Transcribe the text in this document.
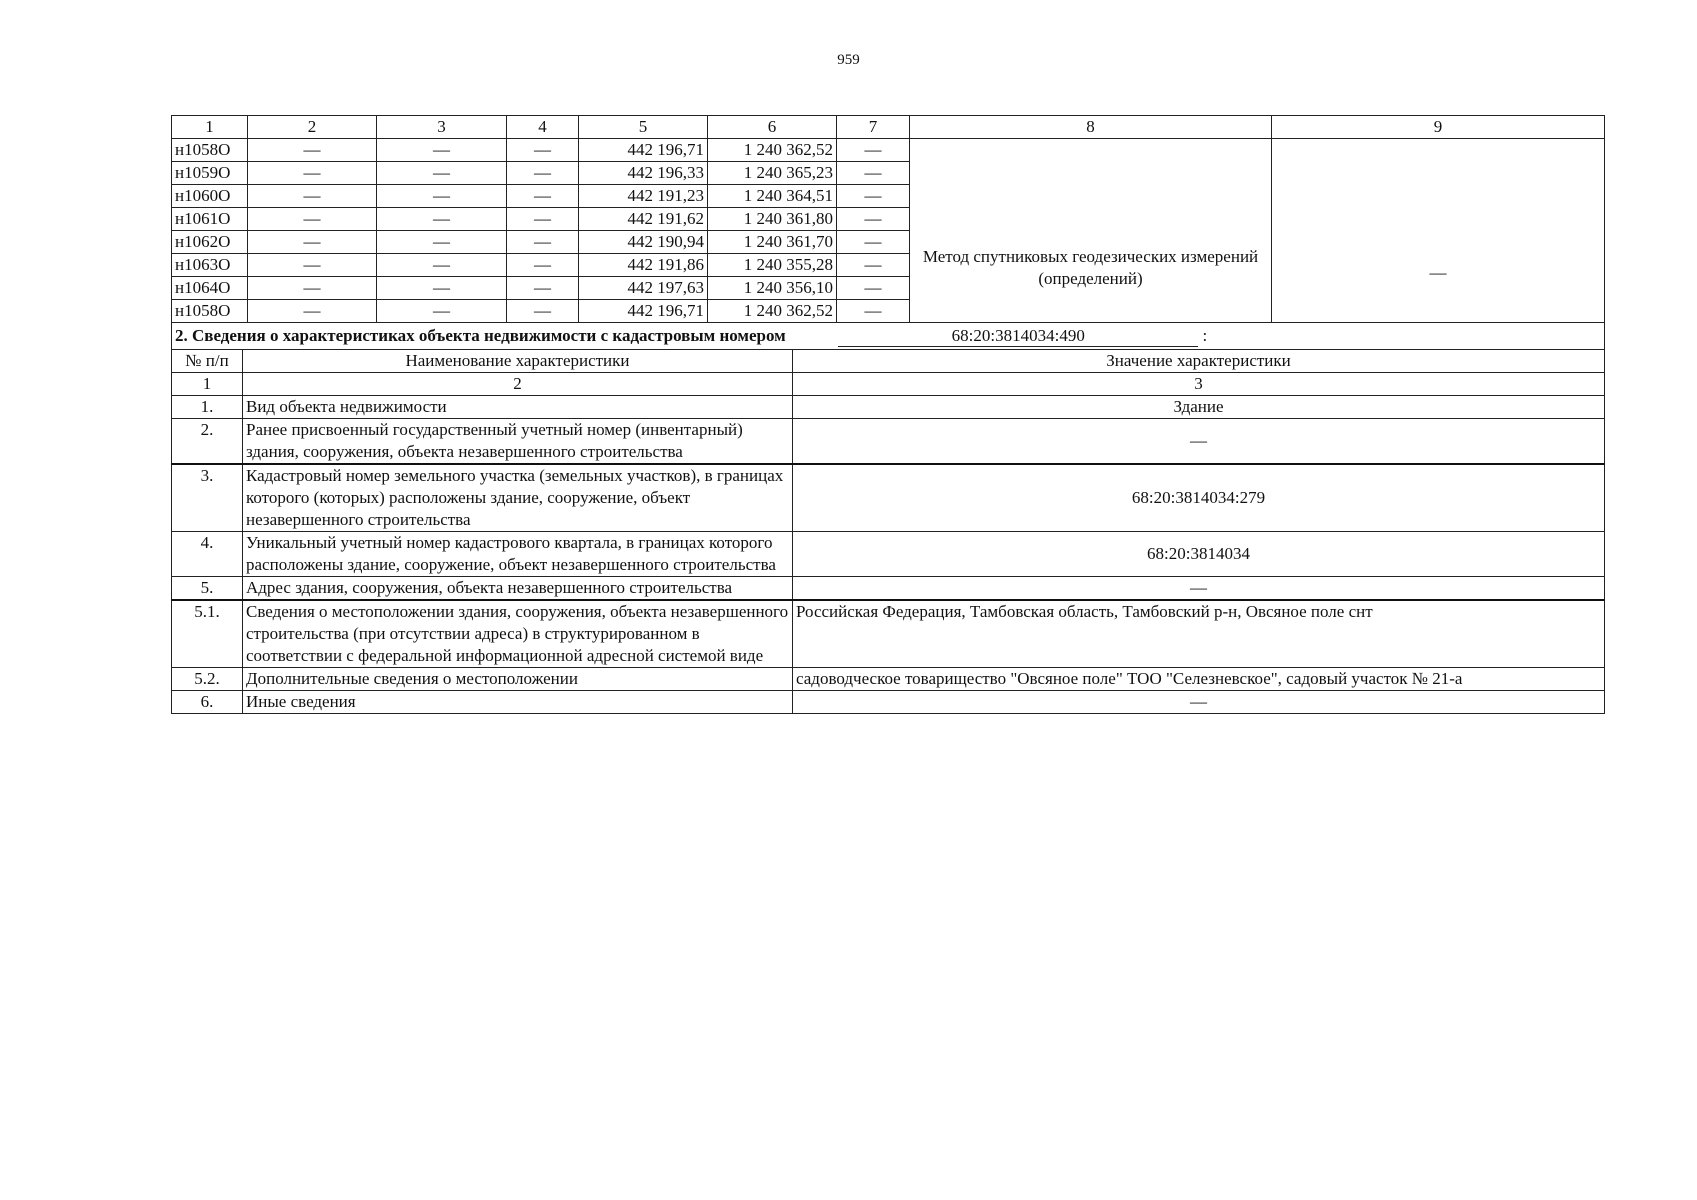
959
1	2	3	4	5	6	7	8	9
н1058О	—	—	—	442 196,71	1 240 362,52	—	Метод спутниковых геодезических измерений (определений)	—
н1059О	—	—	—	442 196,33	1 240 365,23	—		
н1060О	—	—	—	442 191,23	1 240 364,51	—		
н1061О	—	—	—	442 191,62	1 240 361,80	—		
н1062О	—	—	—	442 190,94	1 240 361,70	—		
н1063О	—	—	—	442 191,86	1 240 355,28	—		
н1064О	—	—	—	442 197,63	1 240 356,10	—		
н1058О	—	—	—	442 196,71	1 240 362,52	—		
2. Сведения о характеристиках объекта недвижимости с кадастровым номером 68:20:3814034:490 :		
№ п/п	Наименование характеристики	Значение характеристики
1	2	3
1.	Вид объекта недвижимости	Здание
2.	Ранее присвоенный государственный учетный номер (инвентарный) здания, сооружения, объекта незавершенного строительства	—
3.	Кадастровый номер земельного участка (земельных участков), в границах которого (которых) расположены здание, сооружение, объект незавершенного строительства	68:20:3814034:279
4.	Уникальный учетный номер кадастрового квартала, в границах которого расположены здание, сооружение, объект незавершенного строительства	68:20:3814034
5.	Адрес здания, сооружения, объекта незавершенного строительства	—
5.1.	Сведения о местоположении здания, сооружения, объекта незавершенного строительства (при отсутствии адреса) в структурированном в соответствии с федеральной информационной адресной системой виде	Российская Федерация, Тамбовская область, Тамбовский р-н, Овсяное поле снт
5.2.	Дополнительные сведения о местоположении	садоводческое товарищество "Овсяное поле" ТОО "Селезневское", садовый участок № 21-а
6.	Иные сведения	—
